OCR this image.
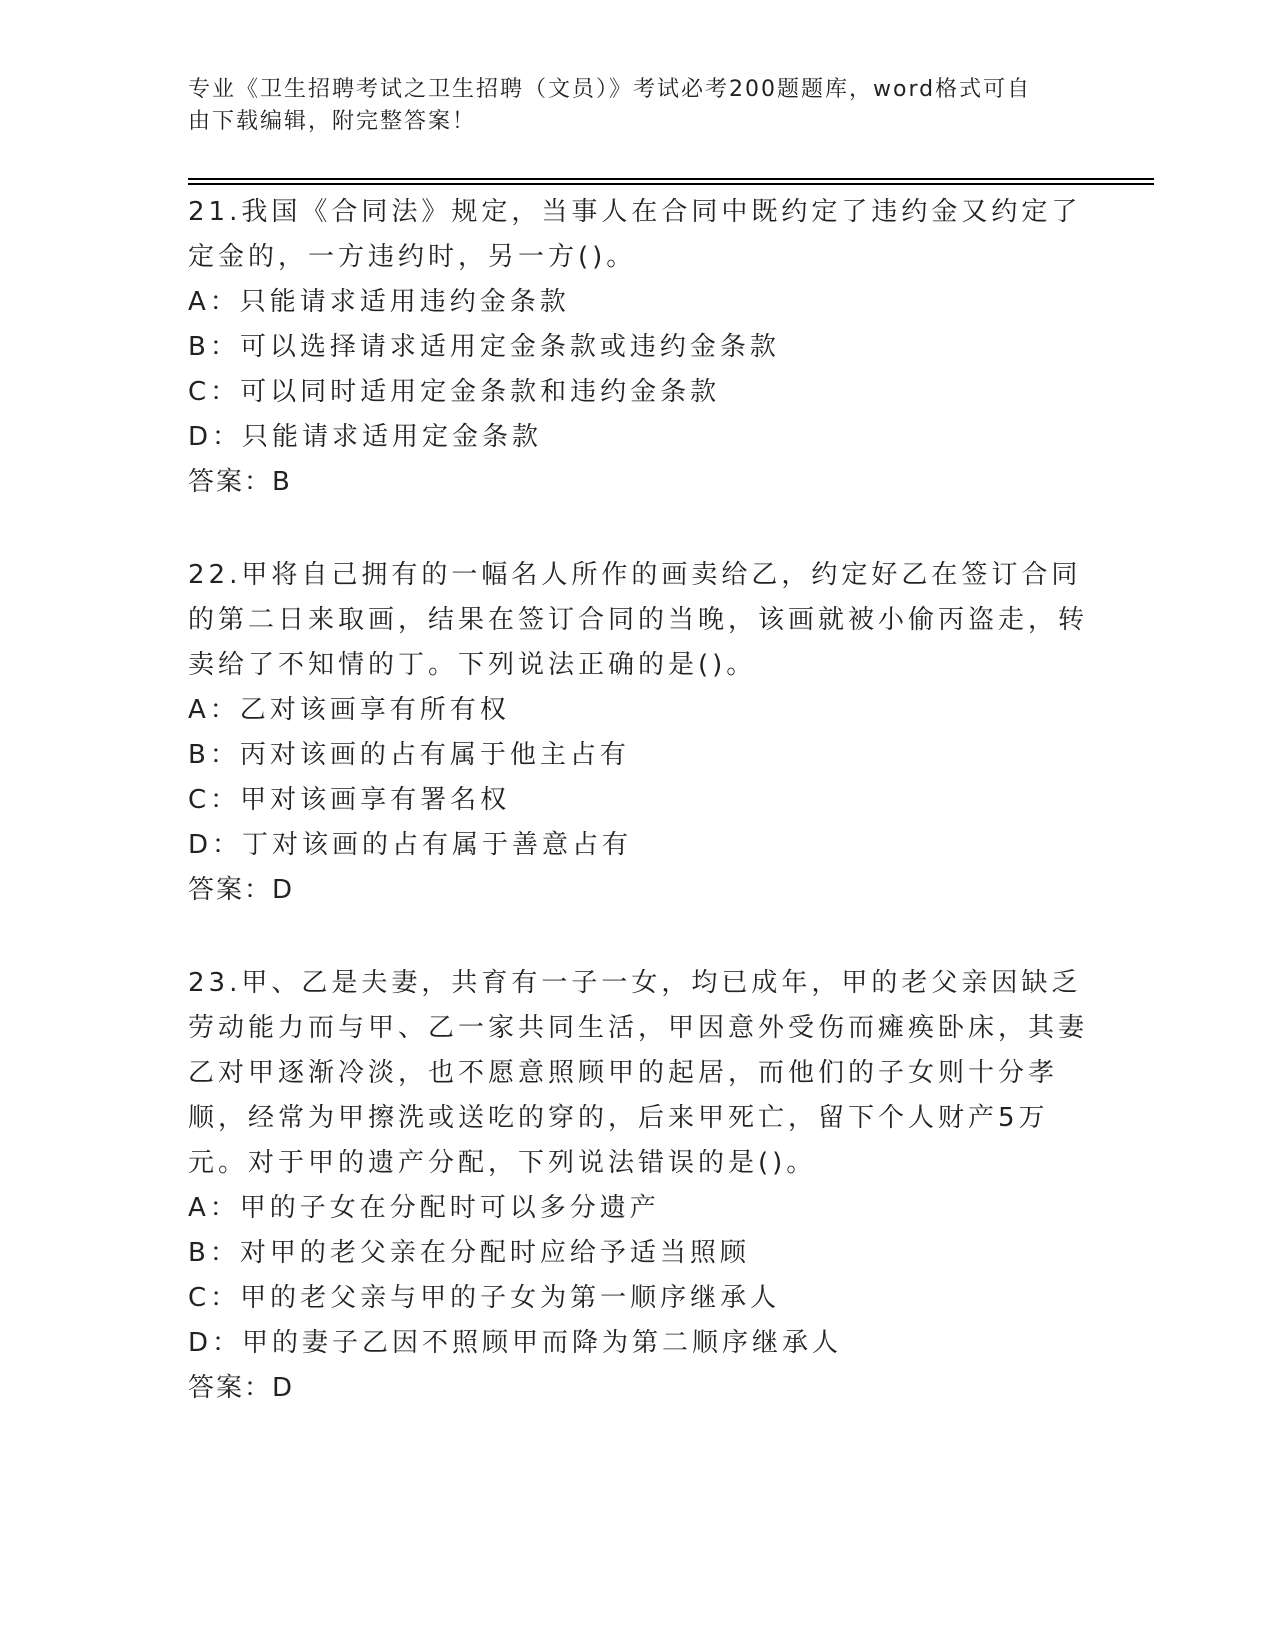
专业《卫生招聘考试之卫生招聘（文员）》考试必考200题题库，word格式可自
由下载编辑，附完整答案！
21.我国《合同法》规定，当事人在合同中既约定了违约金又约定了定金的，一方违约时，另一方()。
A：只能请求适用违约金条款
B：可以选择请求适用定金条款或违约金条款
C：可以同时适用定金条款和违约金条款
D：只能请求适用定金条款
答案：B
22.甲将自己拥有的一幅名人所作的画卖给乙，约定好乙在签订合同的第二日来取画，结果在签订合同的当晚，该画就被小偷丙盗走，转卖给了不知情的丁。下列说法正确的是()。
A：乙对该画享有所有权
B：丙对该画的占有属于他主占有
C：甲对该画享有署名权
D：丁对该画的占有属于善意占有
答案：D
23.甲、乙是夫妻，共育有一子一女，均已成年，甲的老父亲因缺乏劳动能力而与甲、乙一家共同生活，甲因意外受伤而瘫痪卧床，其妻乙对甲逐渐冷淡，也不愿意照顾甲的起居，而他们的子女则十分孝顺，经常为甲擦洗或送吃的穿的，后来甲死亡，留下个人财产5万元。对于甲的遗产分配，下列说法错误的是()。
A：甲的子女在分配时可以多分遗产
B：对甲的老父亲在分配时应给予适当照顾
C：甲的老父亲与甲的子女为第一顺序继承人
D：甲的妻子乙因不照顾甲而降为第二顺序继承人
答案：D
